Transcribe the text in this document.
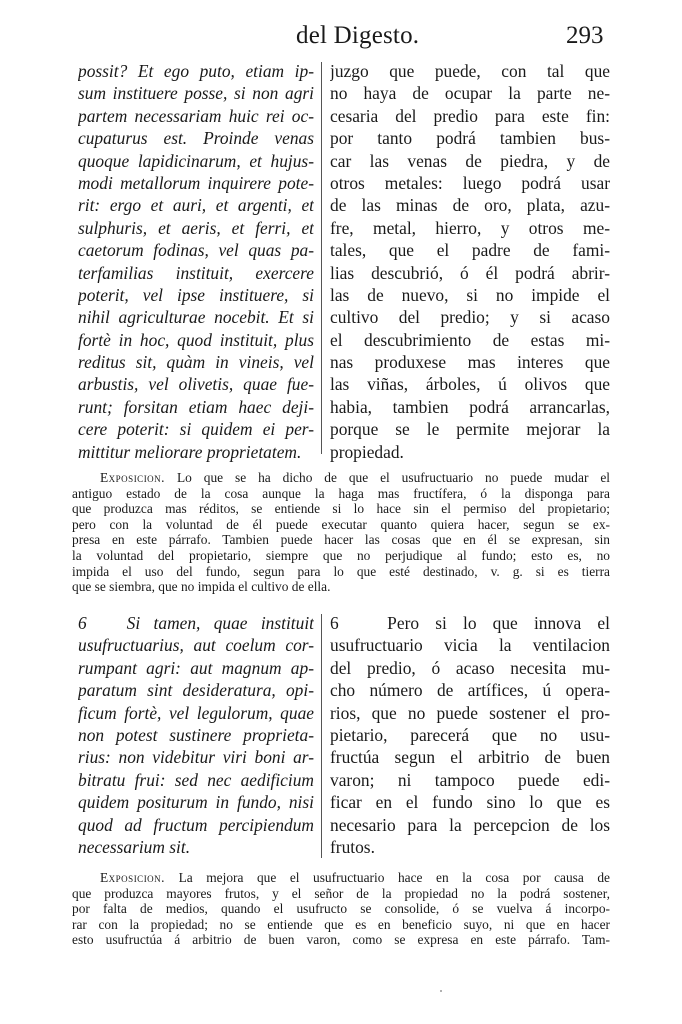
del Digesto.	293
possit? Et ego puto, etiam ip-
sum instituere posse, si non agri
partem necessariam huic rei oc-
cupaturus est. Proinde venas
quoque lapidicinarum, et hujus-
modi metallorum inquirere pote-
rit: ergo et auri, et argenti, et
sulphuris, et aeris, et ferri, et
caetorum fodinas, vel quas pa-
terfamilias instituit, exercere
poterit, vel ipse instituere, si
nihil agriculturae nocebit. Et si
fortè in hoc, quod instituit, plus
reditus sit, quàm in vineis, vel
arbustis, vel olivetis, quae fue-
runt; forsitan etiam haec deji-
cere poterit: si quidem ei per-
mittitur meliorare proprietatem.
juzgo que puede, con tal que
no haya de ocupar la parte ne-
cesaria del predio para este fin:
por tanto podrá tambien bus-
car las venas de piedra, y de
otros metales: luego podrá usar
de las minas de oro, plata, azu-
fre, metal, hierro, y otros me-
tales, que el padre de fami-
lias descubrió, ó él podrá abrir-
las de nuevo, si no impide el
cultivo del predio; y si acaso
el descubrimiento de estas mi-
nas produxese mas interes que
las viñas, árboles, ú olivos que
habia, tambien podrá arrancarlas,
porque se le permite mejorar la
propiedad.
Exposicion. Lo que se ha dicho de que el usufructuario no puede mudar el
antiguo estado de la cosa aunque la haga mas fructífera, ó la disponga para
que produzca mas réditos, se entiende si lo hace sin el permiso del propietario;
pero con la voluntad de él puede executar quanto quiera hacer, segun se ex-
presa en este párrafo. Tambien puede hacer las cosas que en él se expresan, sin
la voluntad del propietario, siempre que no perjudique al fundo; esto es, no
impida el uso del fundo, segun para lo que esté destinado, v. g. si es tierra
que se siembra, que no impida el cultivo de ella.
6   Si tamen, quae instituit
usufructuarius, aut coelum cor-
rumpant agri: aut magnum ap-
paratum sint desideratura, opi-
ficum fortè, vel legulorum, quae
non potest sustinere proprieta-
rius: non videbitur viri boni ar-
bitratu frui: sed nec aedificium
quidem positurum in fundo, nisi
quod ad fructum percipiendum
necessarium sit.
6   Pero si lo que innova el
usufructuario vicia la ventilacion
del predio, ó acaso necesita mu-
cho número de artífices, ú opera-
rios, que no puede sostener el pro-
pietario, parecerá que no usu-
fructúa segun el arbitrio de buen
varon; ni tampoco puede edi-
ficar en el fundo sino lo que es
necesario para la percepcion de los
frutos.
Exposicion. La mejora que el usufructuario hace en la cosa por causa de
que produzca mayores frutos, y el señor de la propiedad no la podrá sostener,
por falta de medios, quando el usufructo se consolide, ó se vuelva á incorpo-
rar con la propiedad; no se entiende que es en beneficio suyo, ni que en hacer
esto usufructúa á arbitrio de buen varon, como se expresa en este párrafo. Tam-
